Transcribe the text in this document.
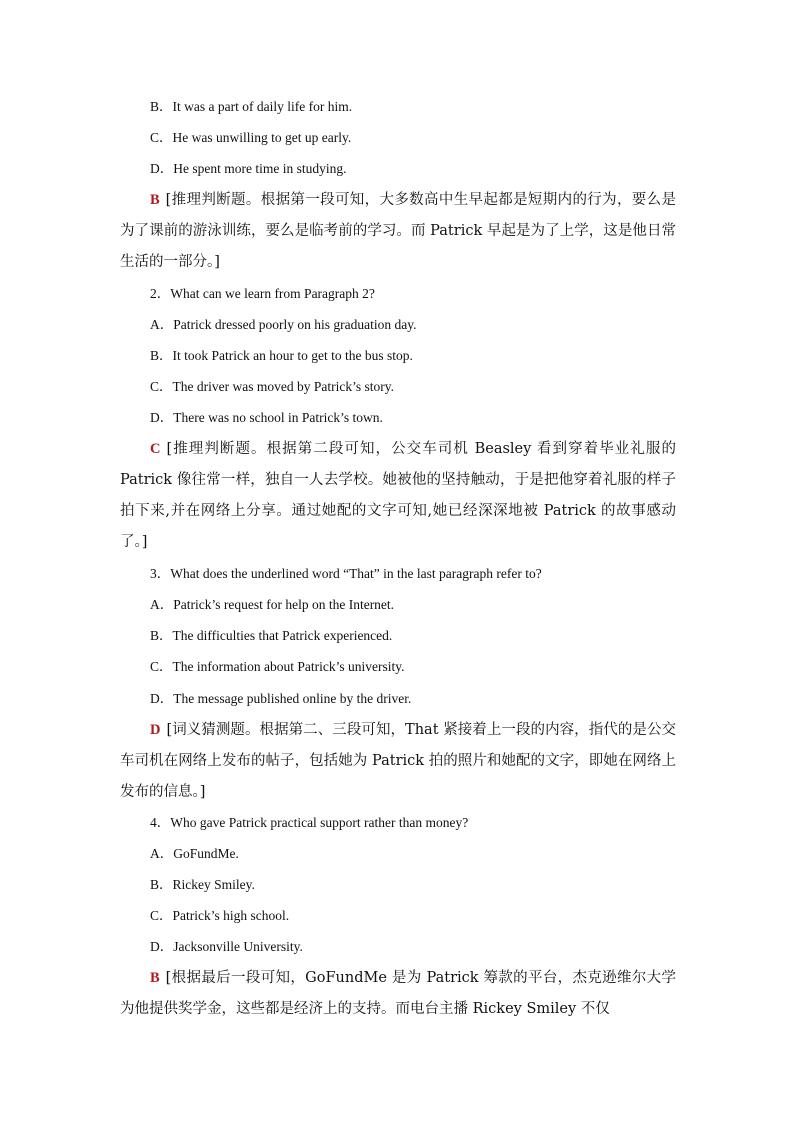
B．It was a part of daily life for him.
C．He was unwilling to get up early.
D．He spent more time in studying.
B [推理判断题。根据第一段可知，大多数高中生早起都是短期内的行为，要么是为了课前的游泳训练，要么是临考前的学习。而 Patrick 早起是为了上学，这是他日常生活的一部分。]
2．What can we learn from Paragraph 2?
A．Patrick dressed poorly on his graduation day.
B．It took Patrick an hour to get to the bus stop.
C．The driver was moved by Patrick’s story.
D．There was no school in Patrick’s town.
C [推理判断题。根据第二段可知，公交车司机 Beasley 看到穿着毕业礼服的 Patrick 像往常一样，独自一人去学校。她被他的坚持触动，于是把他穿着礼服的样子拍下来,并在网络上分享。通过她配的文字可知,她已经深深地被 Patrick 的故事感动了。]
3．What does the underlined word “That” in the last paragraph refer to?
A．Patrick’s request for help on the Internet.
B．The difficulties that Patrick experienced.
C．The information about Patrick’s university.
D．The message published online by the driver.
D [词义猜测题。根据第二、三段可知，That 紧接着上一段的内容，指代的是公交车司机在网络上发布的帖子，包括她为 Patrick 拍的照片和她配的文字，即她在网络上发布的信息。]
4．Who gave Patrick practical support rather than money?
A．GoFundMe.
B．Rickey Smiley.
C．Patrick’s high school.
D．Jacksonville University.
B [根据最后一段可知，GoFundMe 是为 Patrick 筹款的平台，杰克逊维尔大学为他提供奖学金，这些都是经济上的支持。而电台主播 Rickey Smiley 不仅
